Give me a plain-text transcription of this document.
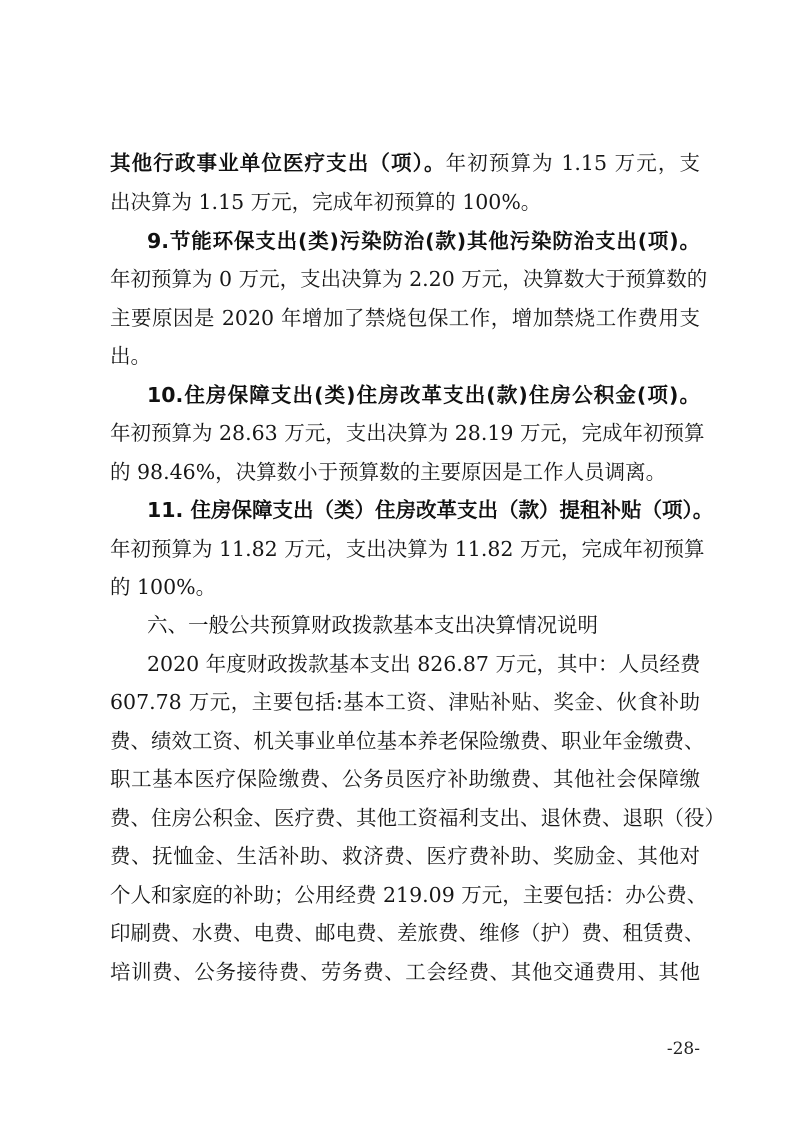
其他行政事业单位医疗支出（项）。年初预算为 1.15 万元，支
出决算为 1.15 万元，完成年初预算的 100%。
9.节能环保支出(类)污染防治(款)其他污染防治支出(项)。
年初预算为 0 万元，支出决算为 2.20 万元，决算数大于预算数的
主要原因是 2020 年增加了禁烧包保工作，增加禁烧工作费用支
出。
10.住房保障支出(类)住房改革支出(款)住房公积金(项)。
年初预算为 28.63 万元，支出决算为 28.19 万元，完成年初预算
的 98.46%，决算数小于预算数的主要原因是工作人员调离。
11. 住房保障支出（类）住房改革支出（款）提租补贴（项）。
年初预算为 11.82 万元，支出决算为 11.82 万元，完成年初预算
的 100%。
六、一般公共预算财政拨款基本支出决算情况说明
2020 年度财政拨款基本支出 826.87 万元，其中：人员经费
607.78 万元，主要包括:基本工资、津贴补贴、奖金、伙食补助
费、绩效工资、机关事业单位基本养老保险缴费、职业年金缴费、
职工基本医疗保险缴费、公务员医疗补助缴费、其他社会保障缴
费、住房公积金、医疗费、其他工资福利支出、退休费、退职（役）
费、抚恤金、生活补助、救济费、医疗费补助、奖励金、其他对
个人和家庭的补助；公用经费 219.09 万元，主要包括：办公费、
印刷费、水费、电费、邮电费、差旅费、维修（护）费、租赁费、
培训费、公务接待费、劳务费、工会经费、其他交通费用、其他
-28-
